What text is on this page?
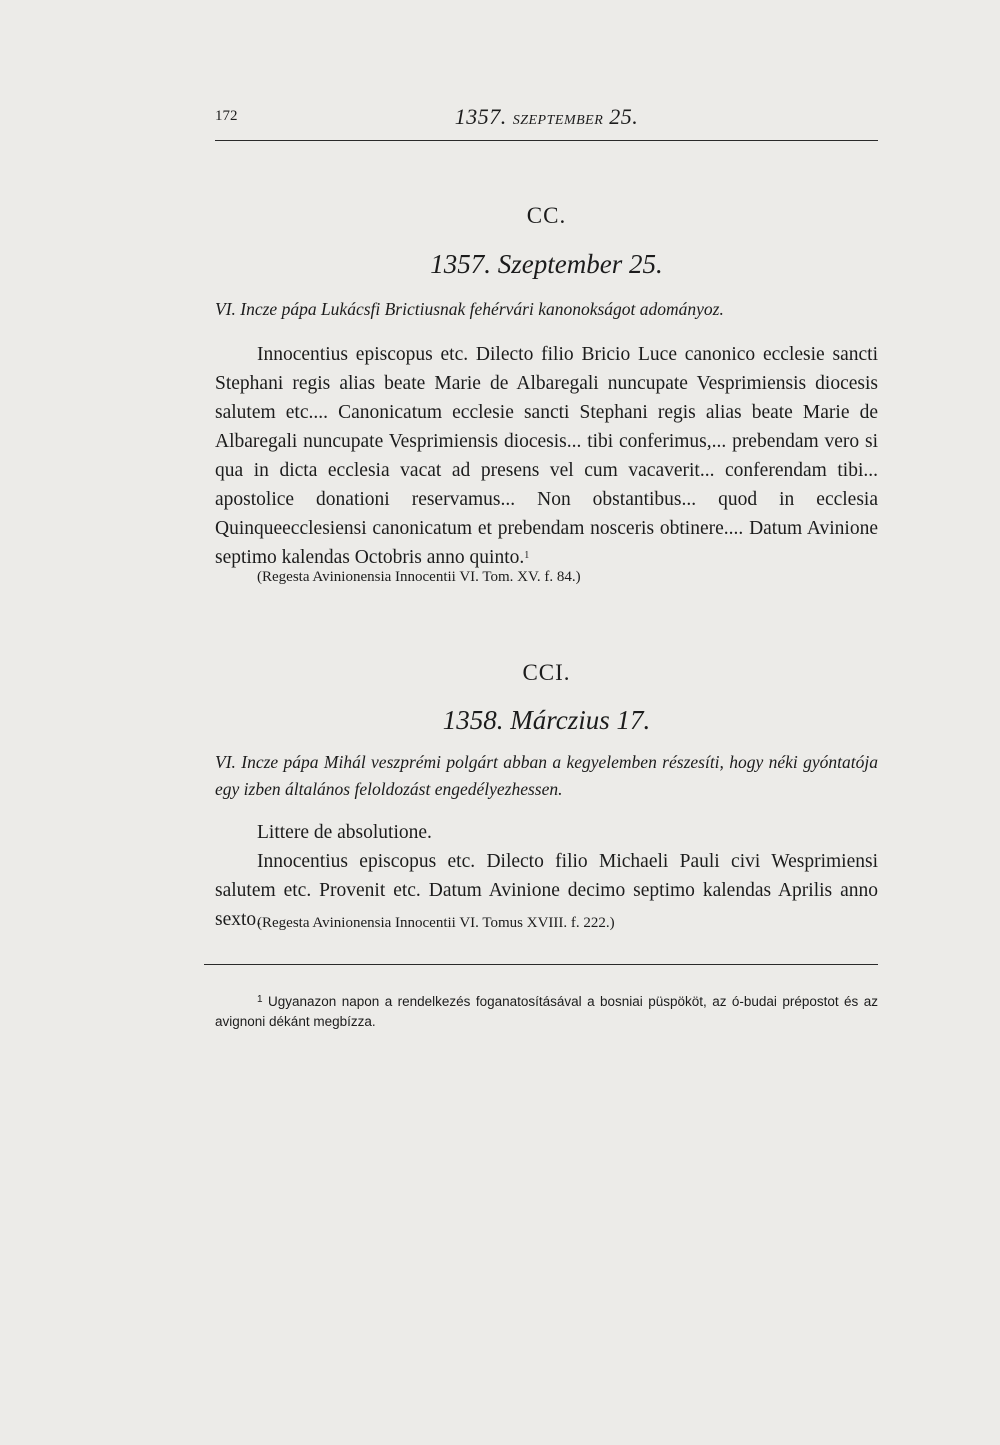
172	1357. SZEPTEMBER 25.
CC.
1357. Szeptember 25.
VI. Incze pápa Lukácsfi Brictiusnak fehérvári kanonokságot adományoz.

Innocentius episcopus etc. Dilecto filio Bricio Luce canonico ecclesie sancti Stephani regis alias beate Marie de Albaregali nuncupate Vesprimiensis diocesis salutem etc.... Canonicatum ecclesie sancti Stephani regis alias beate Marie de Albaregali nuncupate Vesprimiensis diocesis... tibi conferimus,... prebendam vero si qua in dicta ecclesia vacat ad presens vel cum vacaverit... conferendam tibi... apostolice donationi reservamus... Non obstantibus... quod in ecclesia Quinqueecclesiensi canonicatum et prebendam nosceris obtinere.... Datum Avinione septimo kalendas Octobris anno quinto.$^1$

(Regesta Avinionensia Innocentii VI. Tom. XV. f. 84.)
CCI.
1358. Márczius 17.
VI. Incze pápa Mihál veszprémi polgárt abban a kegyelemben részesíti, hogy néki gyóntatója egy izben általános feloldozást engedélyezhessen.

Littere de absolutione.

Innocentius episcopus etc. Dilecto filio Michaeli Pauli civi Wesprimiensi salutem etc. Provenit etc. Datum Avinione decimo septimo kalendas Aprilis anno sexto.

(Regesta Avinionensia Innocentii VI. Tomus XVIII. f. 222.)
$^1$ Ugyanazon napon a rendelkezés foganatosításával a bosniai püspököt, az ó-budai prépostot és az avignoni dékánt megbízza.
